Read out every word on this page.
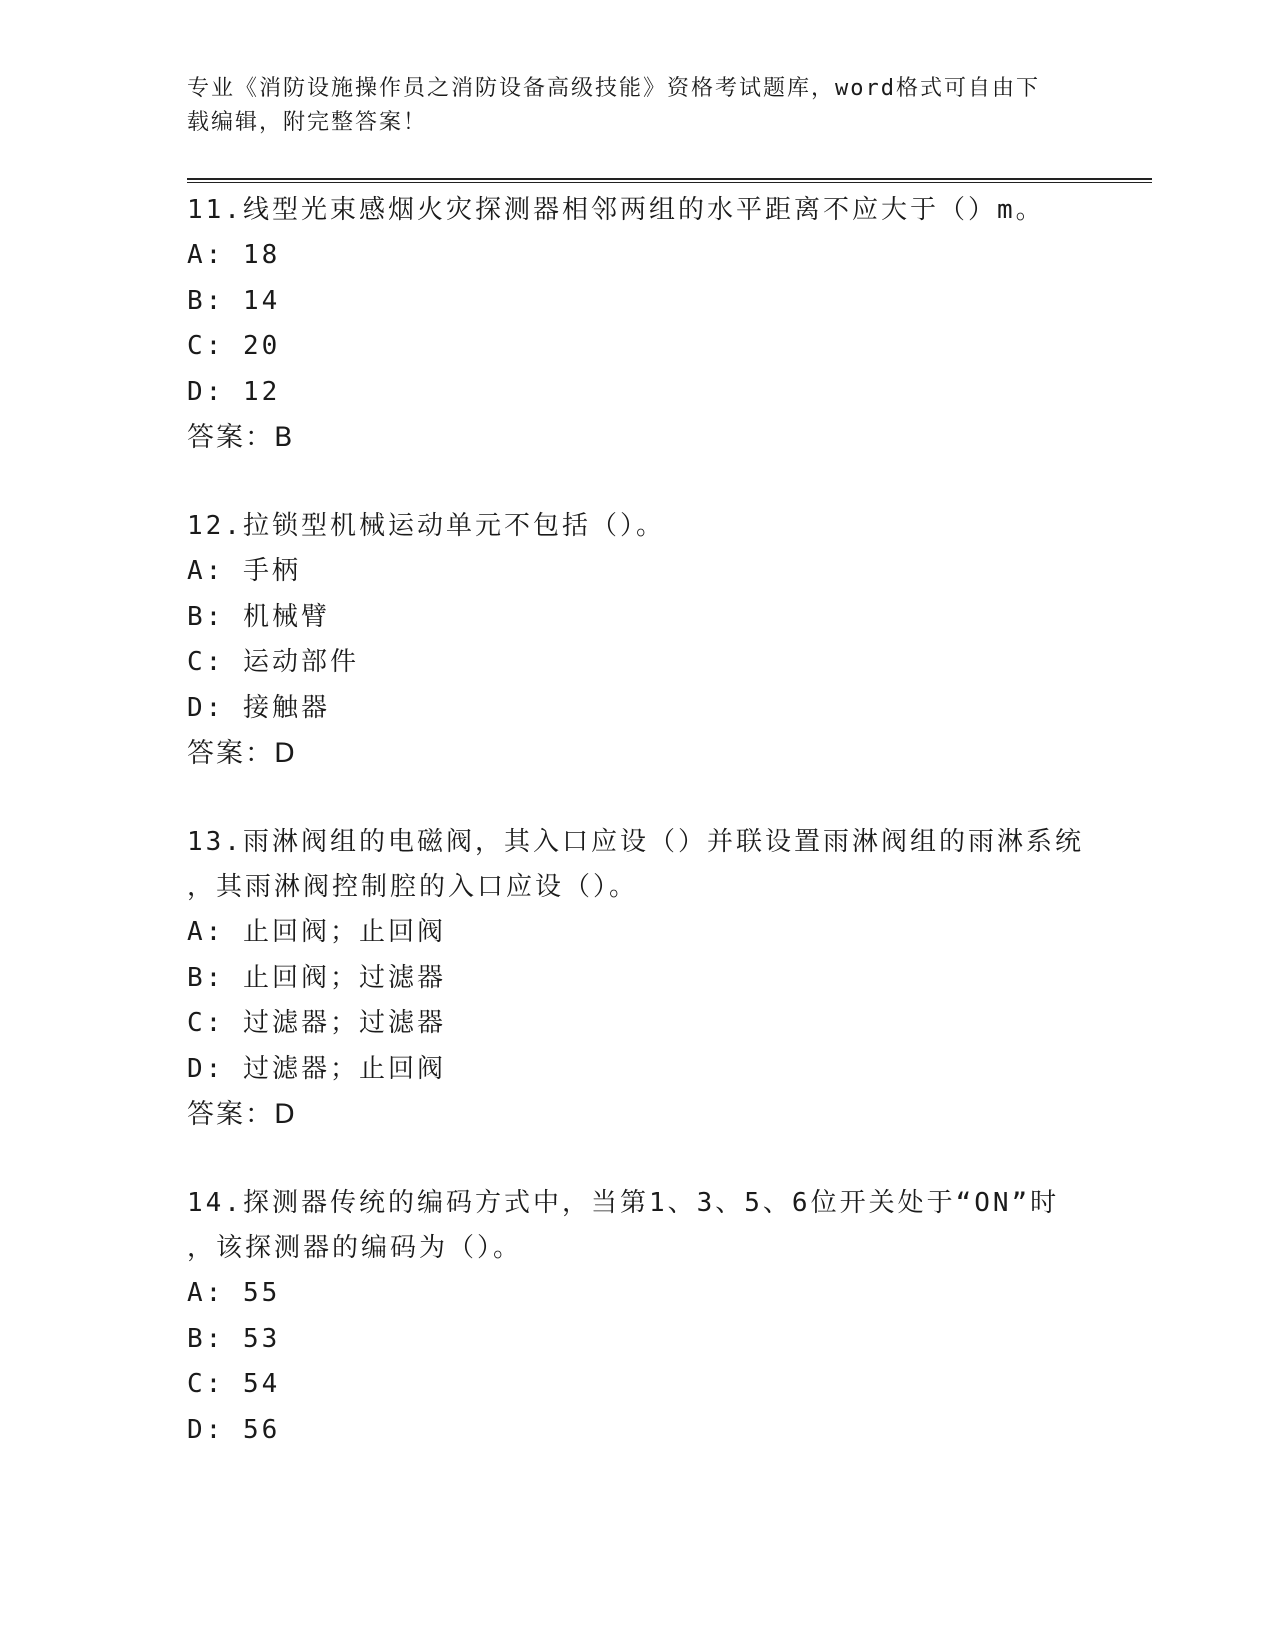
专业《消防设施操作员之消防设备高级技能》资格考试题库，word格式可自由下
载编辑，附完整答案！
11.线型光束感烟火灾探测器相邻两组的水平距离不应大于（）m。
A: 18
B: 14
C: 20
D: 12
答案：B
12.拉锁型机械运动单元不包括（）。
A: 手柄
B: 机械臂
C: 运动部件
D: 接触器
答案：D
13.雨淋阀组的电磁阀，其入口应设（）并联设置雨淋阀组的雨淋系统
，其雨淋阀控制腔的入口应设（）。
A: 止回阀；止回阀
B: 止回阀；过滤器
C: 过滤器；过滤器
D: 过滤器；止回阀
答案：D
14.探测器传统的编码方式中，当第1、3、5、6位开关处于“ON”时
，该探测器的编码为（）。
A: 55
B: 53
C: 54
D: 56
